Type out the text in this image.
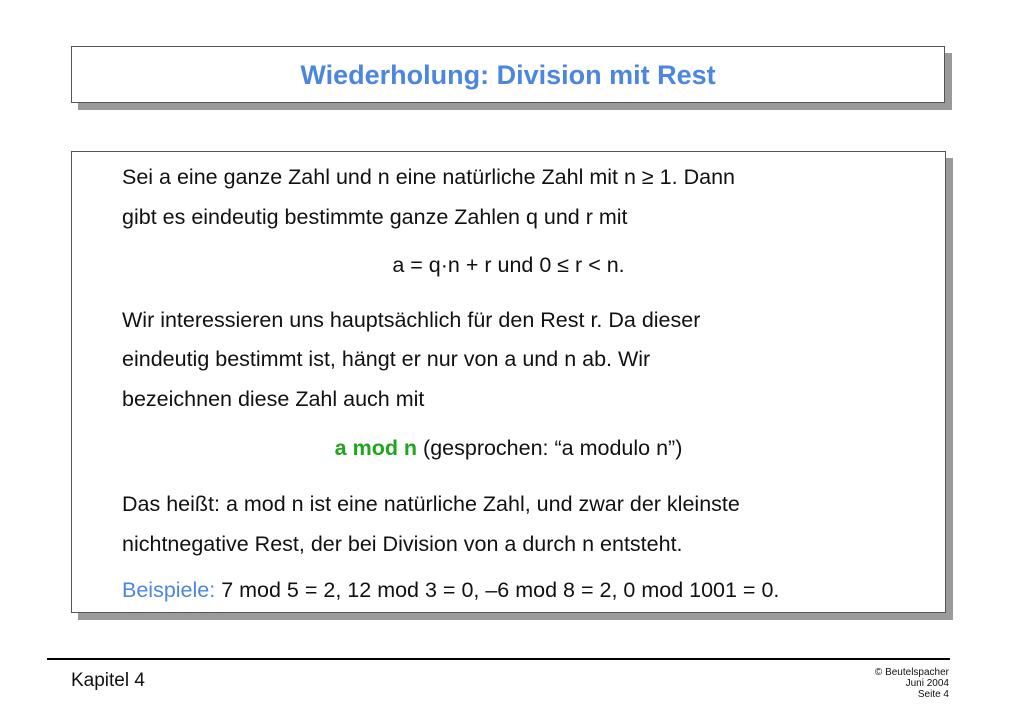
Wiederholung: Division mit Rest
Sei a eine ganze Zahl und n eine natürliche Zahl mit n ≥ 1. Dann
gibt es eindeutig bestimmte ganze Zahlen q und r mit
a = q·n + r und 0 ≤ r < n.
Wir interessieren uns hauptsächlich für den Rest r. Da dieser
eindeutig bestimmt ist, hängt er nur von a und n ab. Wir
bezeichnen diese Zahl auch mit
a mod n (gesprochen: “a modulo n”)
Das heißt: a mod n ist eine natürliche Zahl, und zwar der kleinste
nichtnegative Rest, der bei Division von a durch n entsteht.
Beispiele: 7 mod 5 = 2, 12 mod 3 = 0, –6 mod 8 = 2, 0 mod 1001 = 0.
Kapitel 4	© Beutelspacher
Juni 2004
Seite 4
